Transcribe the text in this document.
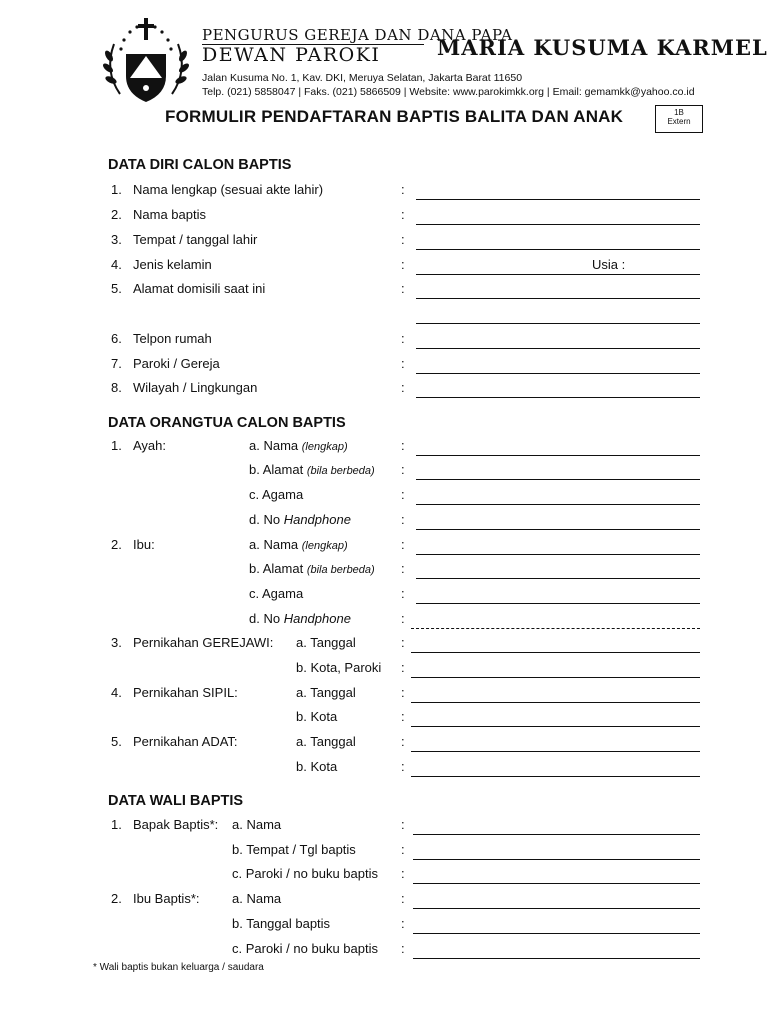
PENGURUS GEREJA DAN DANA PAPA
DEWAN PAROKI	MARIA KUSUMA KARMEL
Jalan Kusuma No. 1, Kav. DKI, Meruya Selatan, Jakarta Barat 11650
Telp. (021) 5858047 | Faks. (021) 5866509 | Website: www.parokimkk.org | Email: gemamkk@yahoo.co.id
FORMULIR PENDAFTARAN BAPTIS BALITA DAN ANAK	1B
Extern
DATA DIRI CALON BAPTIS
1. Nama lengkap (sesuai akte lahir)	:
2. Nama baptis	:
3. Tempat / tanggal lahir	:
4. Jenis kelamin	:	Usia :
5. Alamat domisili saat ini	:
6. Telpon rumah	:
7. Paroki / Gereja	:
8. Wilayah / Lingkungan	:
DATA ORANGTUA CALON BAPTIS
1. Ayah:	a. Nama (lengkap)	:
b. Alamat (bila berbeda) :
c. Agama	:
d. No Handphone	:
2. Ibu:	a. Nama (lengkap)	:
b. Alamat (bila berbeda) :
c. Agama	:
d. No Handphone	:
3. Pernikahan GEREJAWI: a. Tanggal	:
b. Kota, Paroki :
4. Pernikahan SIPIL:	a. Tanggal	:
b. Kota	:
5. Pernikahan ADAT:	a. Tanggal	:
b. Kota	:
DATA WALI BAPTIS
1. Bapak Baptis*: a. Nama	:
b. Tempat / Tgl baptis	:
c. Paroki / no buku baptis :
2. Ibu Baptis*:	a. Nama	:
b. Tanggal baptis	:
c. Paroki / no buku baptis :
* Wali baptis bukan keluarga / saudara
